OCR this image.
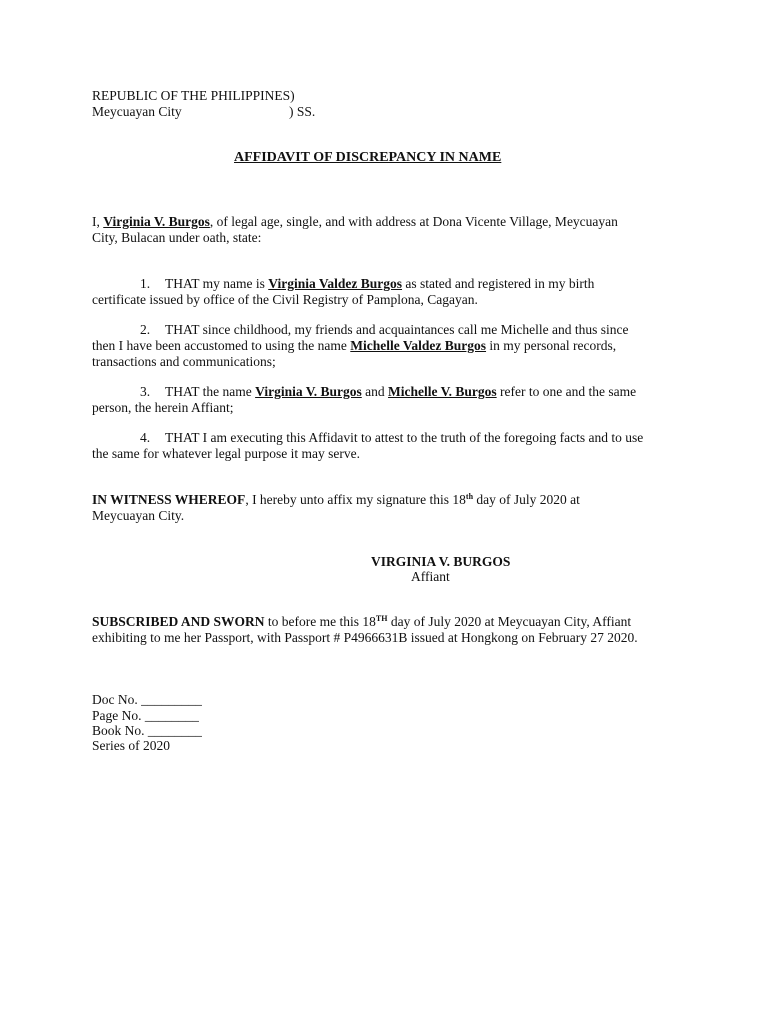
REPUBLIC OF THE PHILIPPINES)
Meycuayan City	) SS.
AFFIDAVIT OF DISCREPANCY IN NAME
I, Virginia V. Burgos, of legal age, single, and with address at Dona Vicente Village, Meycuayan
City, Bulacan under oath, state:
1. THAT my name is Virginia Valdez Burgos as stated and registered in my birth
certificate issued by office of the Civil Registry of Pamplona, Cagayan.
2. THAT since childhood, my friends and acquaintances call me Michelle and thus since
then I have been accustomed to using the name Michelle Valdez Burgos in my personal records,
transactions and communications;
3. THAT the name Virginia V. Burgos and Michelle V. Burgos refer to one and the same
person, the herein Affiant;
4. THAT I am executing this Affidavit to attest to the truth of the foregoing facts and to use
the same for whatever legal purpose it may serve.
IN WITNESS WHEREOF, I hereby unto affix my signature this 18th day of July 2020 at
Meycuayan City.
VIRGINIA V. BURGOS
Affiant
SUBSCRIBED AND SWORN to before me this 18TH day of July 2020 at Meycuayan City, Affiant
exhibiting to me her Passport, with Passport # P4966631B issued at Hongkong on February 27 2020.
Doc No. _________
Page No. ________
Book No. ________
Series of 2020
